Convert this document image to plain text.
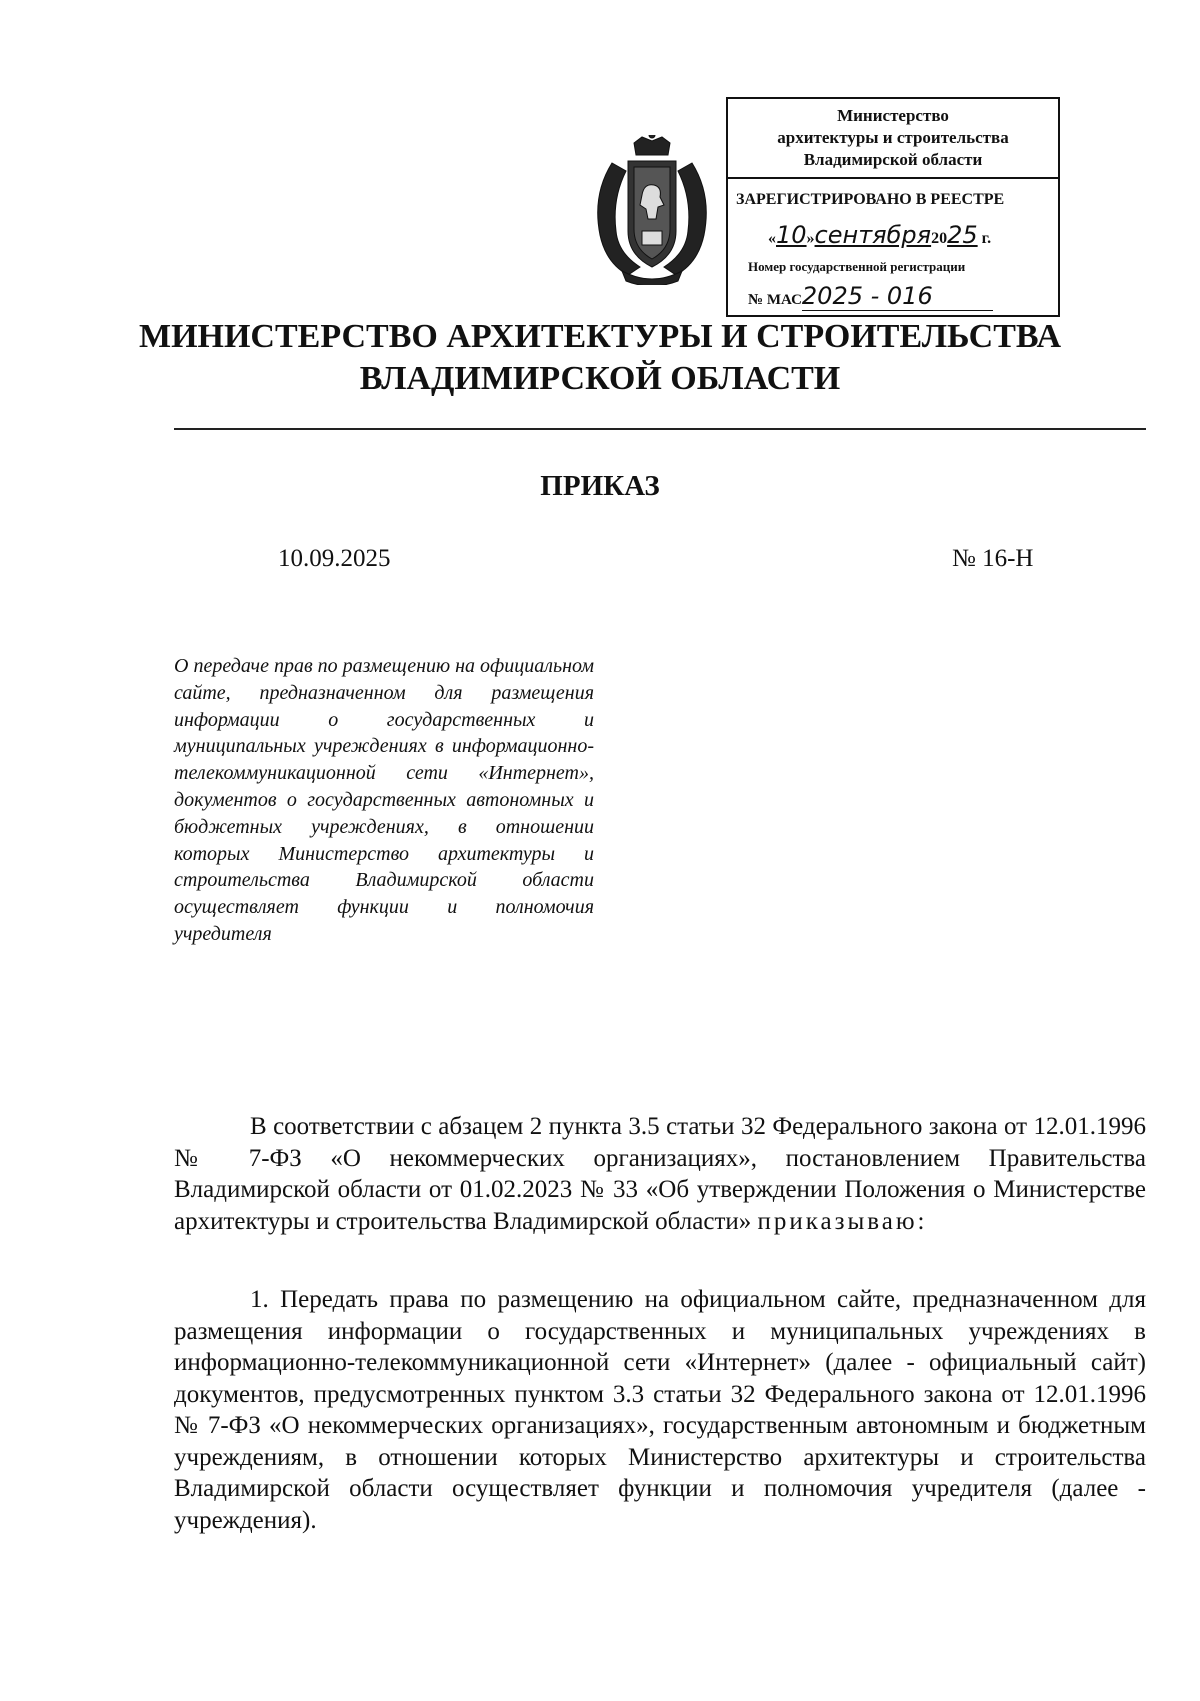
Министерство
архитектуры и строительства
Владимирской области
ЗАРЕГИСТРИРОВАНО В РЕЕСТРЕ
«10»сентября2025 г.
Номер государственной регистрации
№ МАС2025 - 016
МИНИСТЕРСТВО АРХИТЕКТУРЫ И СТРОИТЕЛЬСТВА
ВЛАДИМИРСКОЙ ОБЛАСТИ
ПРИКАЗ
10.09.2025	№ 16-Н
О передаче прав по размещению на официальном сайте, предназначенном для размещения информации о государственных и муниципальных учреждениях в информационно-телекоммуникационной сети «Интернет», документов о государственных автономных и бюджетных учреждениях, в отношении которых Министерство архитектуры и строительства Владимирской области осуществляет функции и полномочия учредителя

В соответствии с абзацем 2 пункта 3.5 статьи 32 Федерального закона от 12.01.1996 № 7-ФЗ «О некоммерческих организациях», постановлением Правительства Владимирской области от 01.02.2023 № 33 «Об утверждении Положения о Министерстве архитектуры и строительства Владимирской области» приказываю:

1. Передать права по размещению на официальном сайте, предназначенном для размещения информации о государственных и муниципальных учреждениях в информационно-телекоммуникационной сети «Интернет» (далее - официальный сайт) документов, предусмотренных пунктом 3.3 статьи 32 Федерального закона от 12.01.1996 № 7-ФЗ «О некоммерческих организациях», государственным автономным и бюджетным учреждениям, в отношении которых Министерство архитектуры и строительства Владимирской области осуществляет функции и полномочия учредителя (далее - учреждения).
